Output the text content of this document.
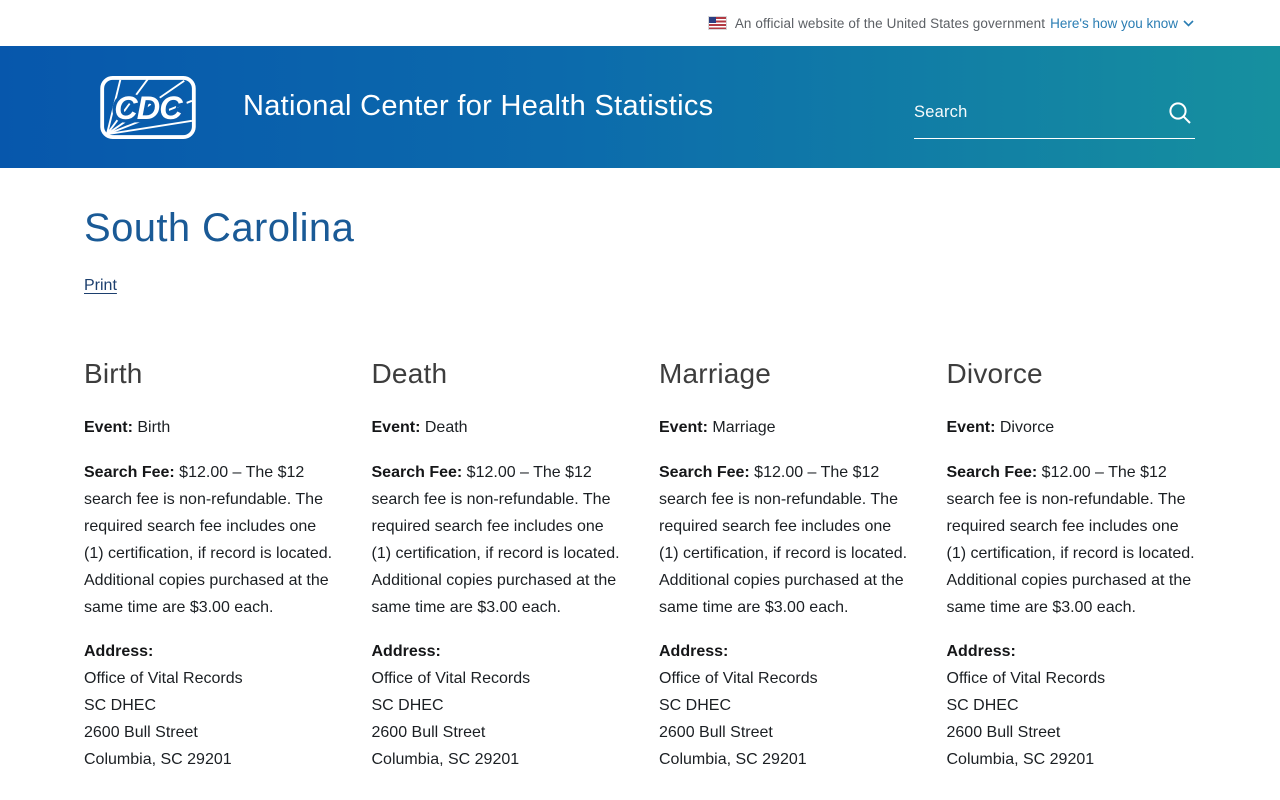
An official website of the United States government Here's how you know
CDC National Center for Health Statistics
Search
South Carolina
Print
Birth

Event: Birth

Search Fee: $12.00 – The $12 search fee is non-refundable. The required search fee includes one (1) certification, if record is located. Additional copies purchased at the same time are $3.00 each.

Address:
Office of Vital Records
SC DHEC
2600 Bull Street
Columbia, SC 29201
Death

Event: Death

Search Fee: $12.00 – The $12 search fee is non-refundable. The required search fee includes one (1) certification, if record is located. Additional copies purchased at the same time are $3.00 each.

Address:
Office of Vital Records
SC DHEC
2600 Bull Street
Columbia, SC 29201
Marriage

Event: Marriage

Search Fee: $12.00 – The $12 search fee is non-refundable. The required search fee includes one (1) certification, if record is located. Additional copies purchased at the same time are $3.00 each.

Address:
Office of Vital Records
SC DHEC
2600 Bull Street
Columbia, SC 29201
Divorce

Event: Divorce

Search Fee: $12.00 – The $12 search fee is non-refundable. The required search fee includes one (1) certification, if record is located. Additional copies purchased at the same time are $3.00 each.

Address:
Office of Vital Records
SC DHEC
2600 Bull Street
Columbia, SC 29201
